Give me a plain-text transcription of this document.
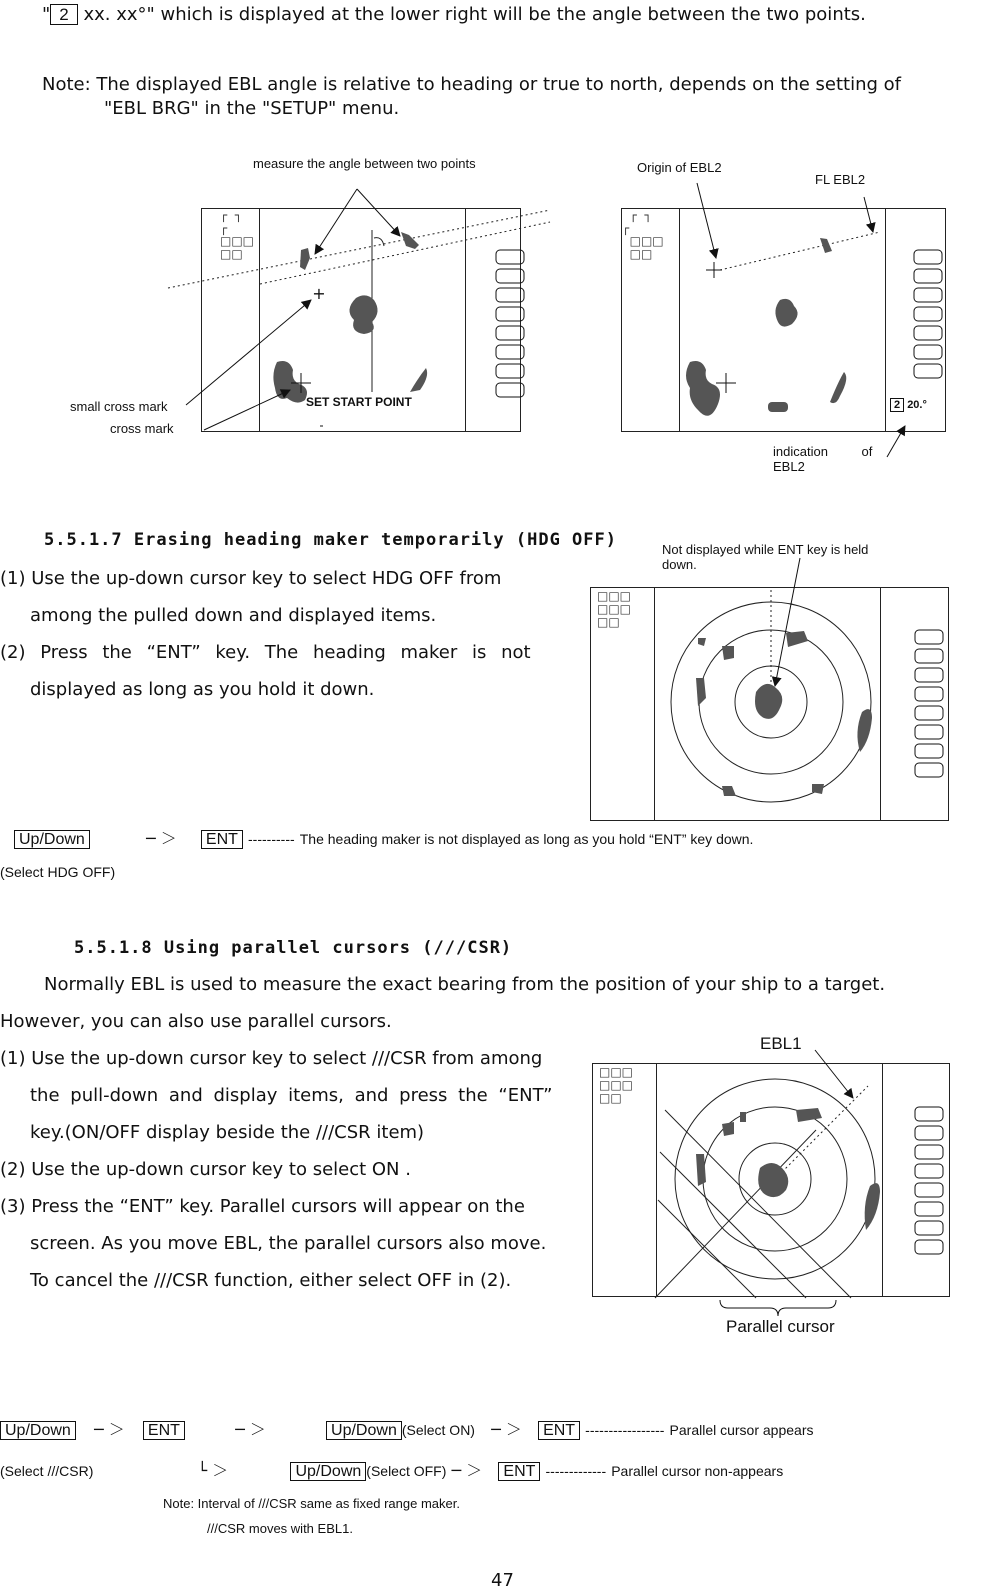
" 2 xx. xx°" which is displayed at the lower right will be the angle between the two points.
Note: The displayed EBL angle is relative to heading or true to north, depends on the setting of
"EBL BRG" in the "SETUP" menu.
measure the angle between two points	Origin of EBL2
FL EBL2
┌  ┐
┌
□□□
□□
SET START POINT
┌  ┐
┌
□□□
□□
2 20.°
small cross mark
cross mark
indication of EBL2
5.5.1.7 Erasing heading maker temporarily (HDG OFF)
(1) Use the up-down cursor key to select HDG OFF from
among the pulled down and displayed items.
(2) Press the “ENT” key. The heading maker is not
displayed as long as you hold it down.
Not displayed while ENT key is held down.
□□□
□□□
□□
Up/Down	─ ＞ ENT ---------- The heading maker is not displayed as long as you hold “ENT” key down.
(Select HDG OFF)
5.5.1.8 Using parallel cursors (///CSR)
Normally EBL is used to measure the exact bearing from the position of your ship to a target.
However, you can also use parallel cursors.
(1) Use the up-down cursor key to select ///CSR from among
the pull-down and display items, and press the “ENT”
key.(ON/OFF display beside the ///CSR item)
(2) Use the up-down cursor key to select ON .
(3) Press the “ENT” key. Parallel cursors will appear on the
screen. As you move EBL, the parallel cursors also move.
To cancel the ///CSR function, either select OFF in (2).
EBL1
□□□
□□□
□□
Parallel cursor
Up/Down ─ ＞ ENT	─ ＞	Up/Down (Select ON) ─ ＞ ENT ----------------- Parallel cursor appears
(Select ///CSR)	└ ＞	Up/Down (Select OFF) ─ ＞ ENT ------------- Parallel cursor non-appears
Note: Interval of ///CSR same as fixed range maker.
///CSR moves with EBL1.
47
+
